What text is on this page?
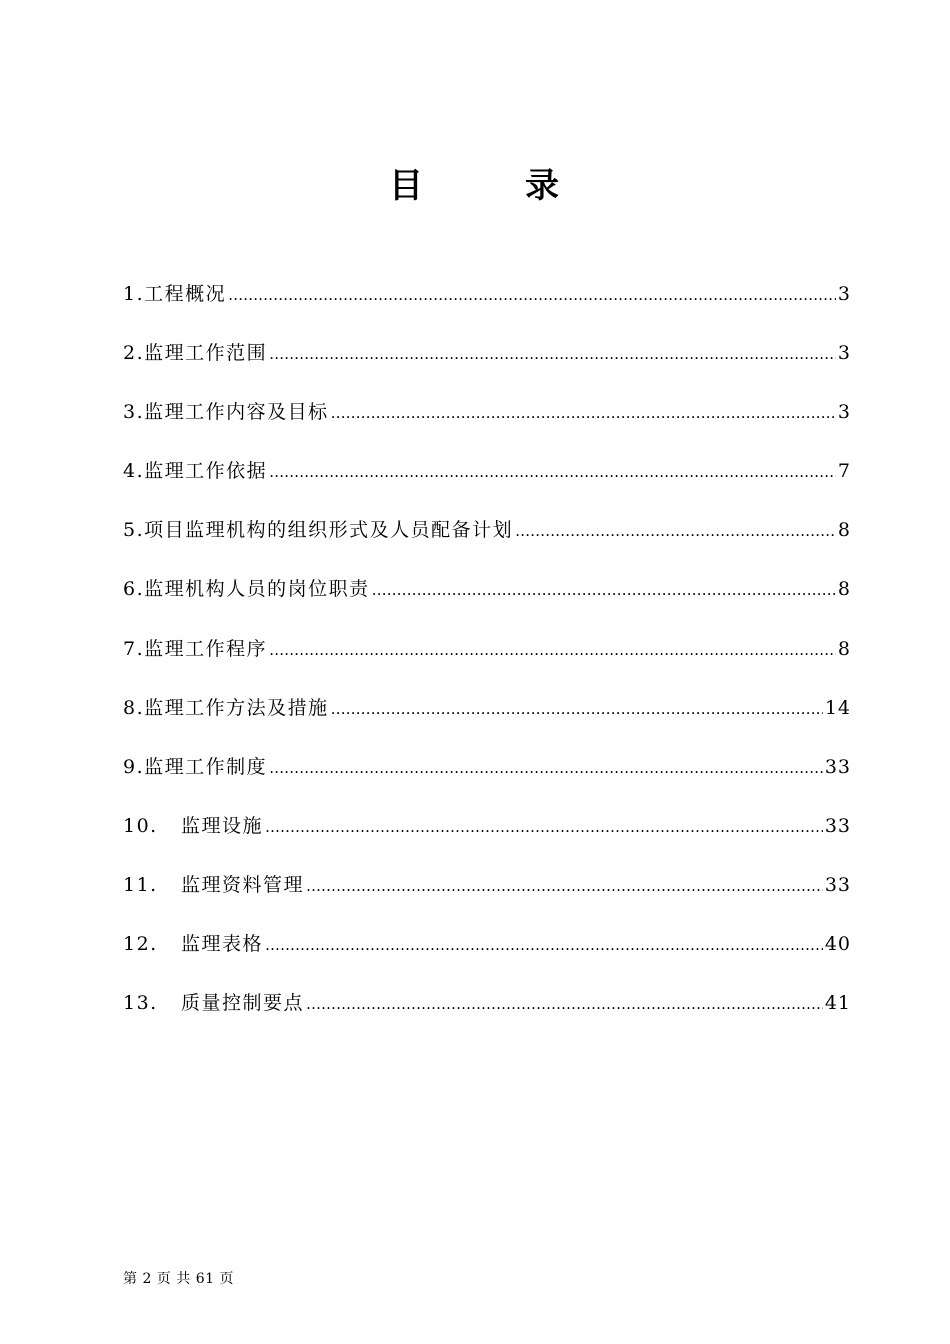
目	录
1. 工程概况 ………………………………………………………………………………………………………………………………………………………………	3
2. 监理工作范围 ………………………………………………………………………………………………………………………………………………………………	3
3. 监理工作内容及目标 ………………………………………………………………………………………………………………………………………………………………	3
4. 监理工作依据 ………………………………………………………………………………………………………………………………………………………………	7
5. 项目监理机构的组织形式及人员配备计划 ………………………………………………………………………………………………………………………………………………………………	8
6. 监理机构人员的岗位职责 ………………………………………………………………………………………………………………………………………………………………	8
7. 监理工作程序 ………………………………………………………………………………………………………………………………………………………………	8
8. 监理工作方法及措施 ………………………………………………………………………………………………………………………………………………………………	14
9. 监理工作制度 ………………………………………………………………………………………………………………………………………………………………	33
10.	监理设施 ………………………………………………………………………………………………………………………………………………………………	33
11.	监理资料管理 ………………………………………………………………………………………………………………………………………………………………	33
12.	监理表格 ………………………………………………………………………………………………………………………………………………………………	40
13.	质量控制要点 ………………………………………………………………………………………………………………………………………………………………	41
第 2 页 共 61 页
